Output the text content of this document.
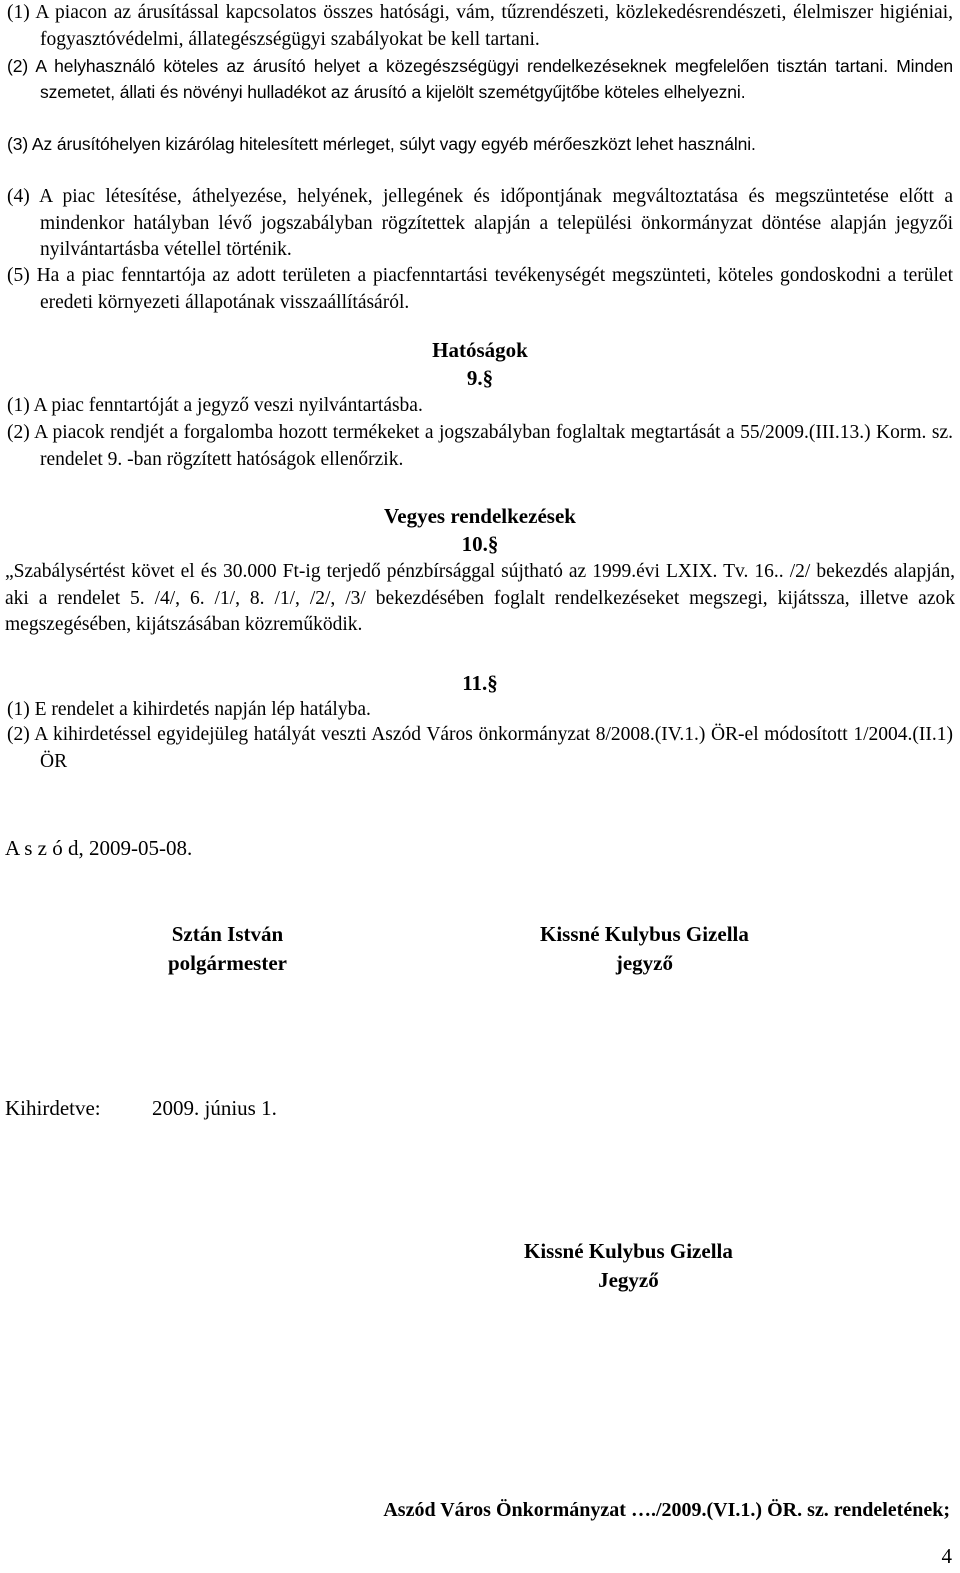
(1) A piacon az árusítással kapcsolatos összes hatósági, vám, tűzrendészeti, közlekedésrendészeti, élelmiszer higiéniai, fogyasztóvédelmi, állategészségügyi szabályokat be kell tartani.
(2) A helyhasználó köteles az árusító helyet a közegészségügyi rendelkezéseknek megfelelően tisztán tartani. Minden szemetet, állati és növényi hulladékot az árusító a kijelölt szemétgyűjtőbe köteles elhelyezni.
(3) Az árusítóhelyen kizárólag hitelesített mérleget, súlyt vagy egyéb mérőeszközt lehet használni.
(4) A piac létesítése, áthelyezése, helyének, jellegének és időpontjának megváltoztatása és megszüntetése előtt a mindenkor hatályban lévő jogszabályban rögzítettek alapján a települési önkormányzat döntése alapján jegyzői nyilvántartásba vétellel történik.
(5) Ha a piac fenntartója az adott területen a piacfenntartási tevékenységét megszünteti, köteles gondoskodni a terület eredeti környezeti állapotának visszaállításáról.
Hatóságok
9.§
(1) A piac fenntartóját a jegyző veszi nyilvántartásba.
(2) A piacok rendjét a forgalomba hozott termékeket a jogszabályban foglaltak megtartását a 55/2009.(III.13.) Korm. sz. rendelet 9. -ban rögzített hatóságok ellenőrzik.
Vegyes rendelkezések
10.§
„Szabálysértést követ el és 30.000 Ft-ig terjedő pénzbírsággal sújtható az 1999.évi LXIX. Tv. 16.. /2/ bekezdés alapján, aki a rendelet 5. /4/, 6. /1/, 8. /1/, /2/, /3/ bekezdésében foglalt rendelkezéseket megszegi, kijátssza, illetve azok megszegésében, kijátszásában közreműködik.
11.§
(1) E rendelet a kihirdetés napján lép hatályba.
(2) A kihirdetéssel egyidejüleg hatályát veszti Aszód Város önkormányzat 8/2008.(IV.1.) ÖR-el módosított 1/2004.(II.1) ÖR
A s z ó d, 2009-05-08.
Sztán István
polgármester
Kissné Kulybus Gizella
jegyző
Kihirdetve: 2009. június 1.
Kissné Kulybus Gizella
Jegyző
Aszód Város Önkormányzat …./2009.(VI.1.) ÖR. sz. rendeletének;
4
